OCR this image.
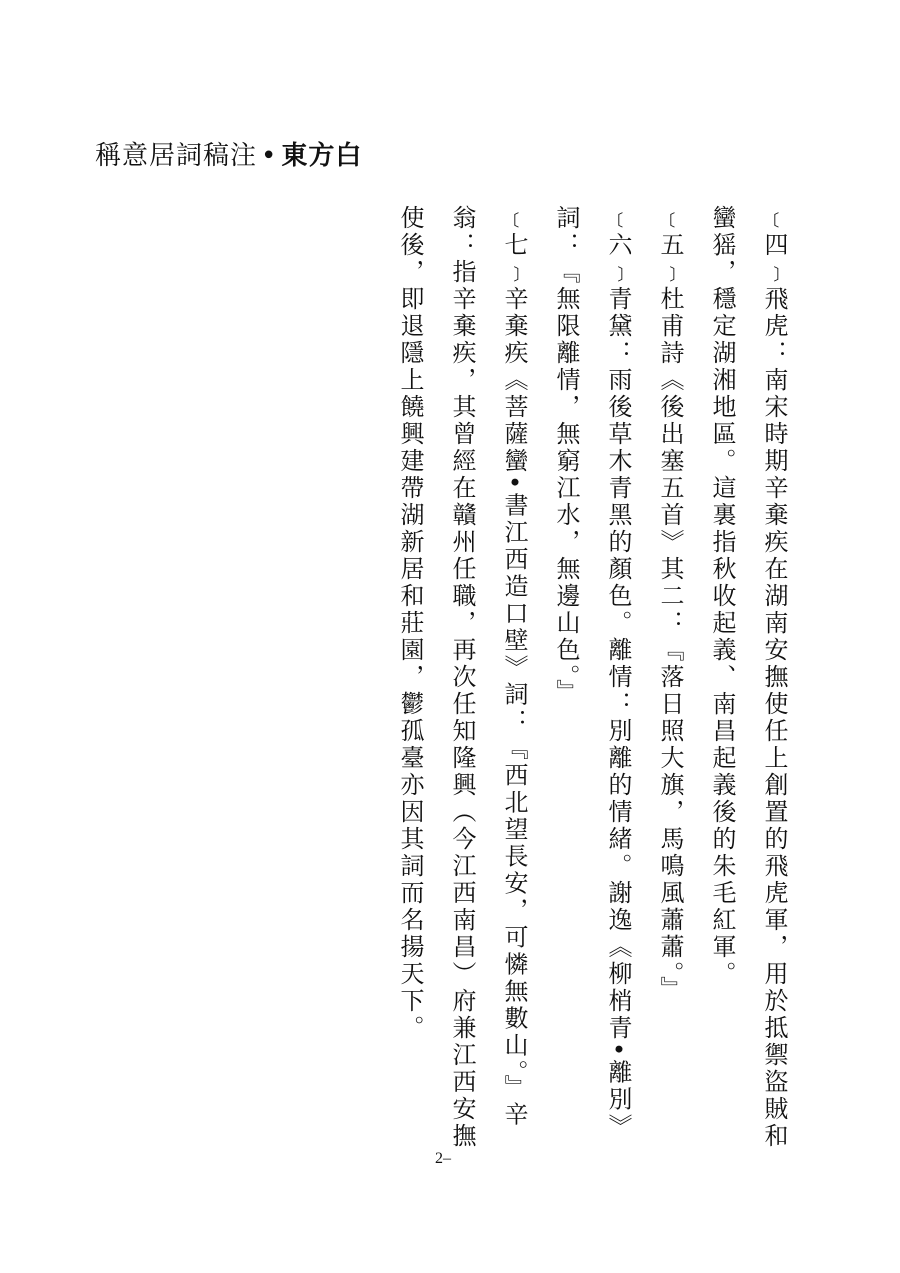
稱意居詞稿注 • 東方白

﹝四﹞飛虎：南宋時期辛棄疾在湖南安撫使任上創置的飛虎軍，用於抵禦盜賊和蠻猺，穩定湖湘地區。這裏指秋收起義、南昌起義後的朱毛紅軍。

﹝五﹞杜甫詩《後出塞五首》其二：『落日照大旗，馬鳴風蕭蕭。』

﹝六﹞青黛：雨後草木青黑的顏色。離情：別離的情緒。謝逸《柳梢青•離別》詞：『無限離情，無窮江水，無邊山色。』

﹝七﹞辛棄疾《菩薩蠻•書江西造口壁》詞：『西北望長安，可憐無數山。』辛翁：指辛棄疾，其曾經在贛州任職，再次任知隆興（今江西南昌）府兼江西安撫使後，即退隱上饒興建帶湖新居和莊園，鬱孤臺亦因其詞而名揚天下。

2–
